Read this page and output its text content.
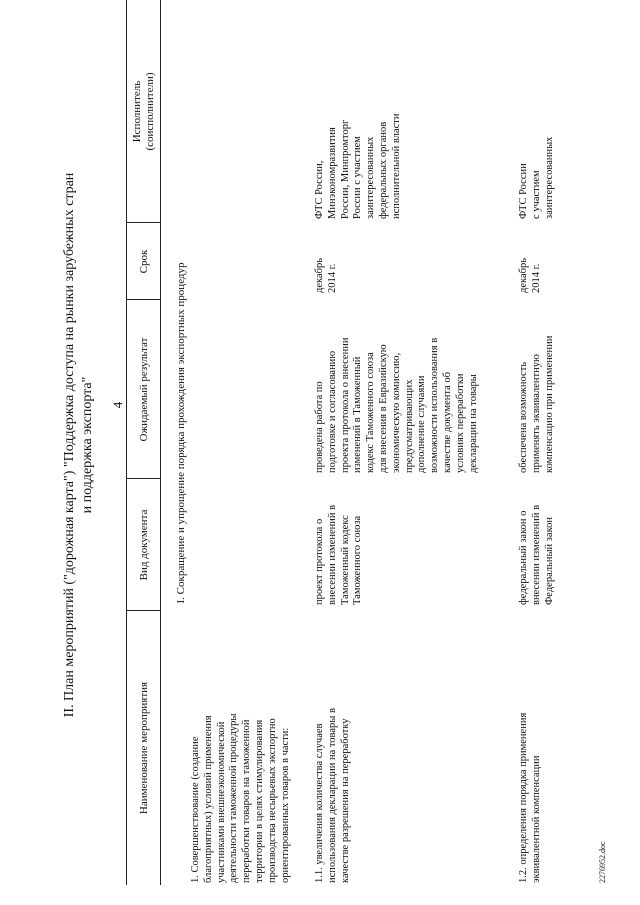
4
II. План мероприятий ("дорожная карта") "Поддержка доступа на рынки зарубежных стран и поддержка экспорта"
Наименование мероприятия
Вид документа
Ожидаемый результат
Срок
Исполнитель (соисполнители)
I. Сокращение и упрощение порядка прохождения экспортных процедур
1. Совершенствование (создание благоприятных) условий применения участниками внешнеэкономической деятельности таможенной процедуры переработки товаров на таможенной территории в целях стимулирования производства несырьевых экспортно ориентированных товаров в части: 1.1. увеличения количества случаев использования декларации на товары в качестве разрешения на переработку
проект протокола о внесении изменений в Таможенный кодекс Таможенного союза
проведена работа по подготовке и согласованию проекта протокола о внесении изменений в Таможенный кодекс Таможенного союза для внесения в Евразийскую экономическую комиссию, предусматривающих дополнение случаями возможности использования в качестве документа об условиях переработки декларации на товары
декабрь 2014 г.
ФТС России, Минэкономразвития России, Минпромторг России с участием заинтересованных федеральных органов исполнительной власти
1.2. определения порядка применения эквивалентной компенсации
федеральный закон о внесении изменений в Федеральный закон
обеспечена возможность применять эквивалентную компенсацию при применении
декабрь 2014 г.
ФТС России с участием заинтересованных
2276952.doc
